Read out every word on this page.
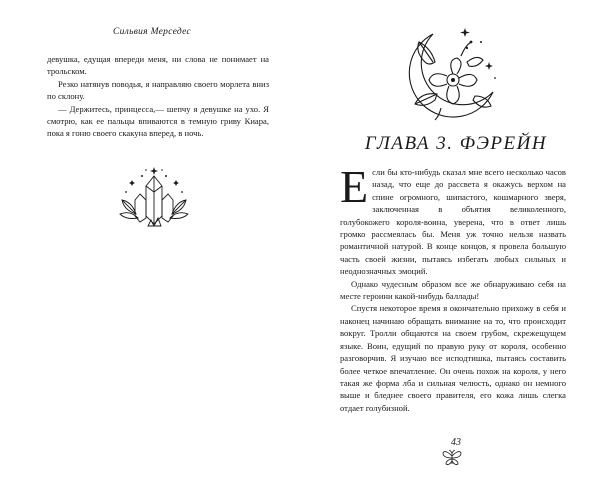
Сильвия Мерседес

девушка, едущая впереди меня, ни слова не понимает на трольском.

Резко натянув поводья, я направляю своего морлета вниз по склону.

— Держитесь, принцесса,— шепчу я девушке на ухо. Я смотрю, как ее пальцы впиваются в темную гриву Киара, пока я гоню своего скакуна вперед, в ночь.	ГЛАВА 3. ФЭРЕЙН

Если бы кто-нибудь сказал мне всего несколько часов назад, что еще до рассвета я окажусь верхом на спине огромного, шипастого, кошмарного зверя, заключенная в объятия великоленного, голубокожего короля-воина, уверена, что в ответ лишь громко рассмеялась бы. Меня уж точно нельзя назвать романтичной натурой. В конце концов, я провела большую часть своей жизни, пытаясь избегать любых сильных и неоднозначных эмоций.

Однако чудесным образом все же обнаруживаю себя на месте героини какой-нибудь баллады!

Спустя некоторое время я окончательно прихожу в себя и наконец начинаю обращать внимание на то, что происходит вокруг. Тролли общаются на своем грубом, скрежещущем языке. Воин, едущий по правую руку от короля, особенно разговорчив. Я изучаю все исподтишка, пытаясь составить более четкое впечатление. Он очень похож на короля, у него такая же форма лба и сильная челюсть, однако он немного выше и бледнее своего правителя, его кожа лишь слегка отдает голубизной.

43
